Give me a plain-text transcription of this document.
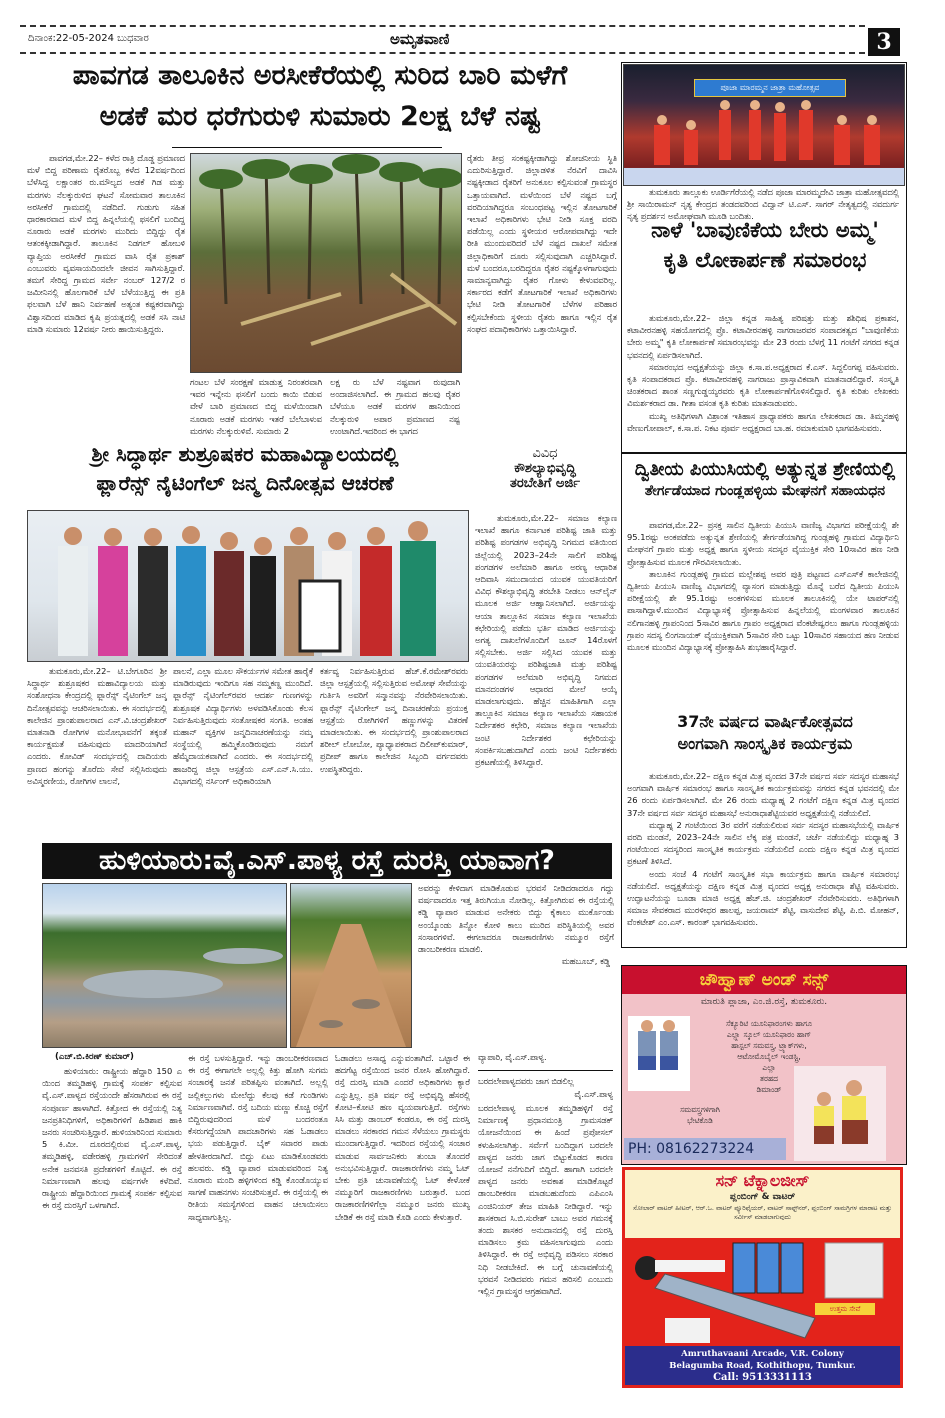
ದಿನಾಂಕ:22-05-2024 ಬುಧವಾರ	ಅಮೃತವಾಣಿ	3
ಪಾವಗಡ ತಾಲೂಕಿನ ಅರಸೀಕೆರೆಯಲ್ಲಿ ಸುರಿದ ಬಾರಿ ಮಳೆಗೆ
ಅಡಕೆ ಮರ ಧರೆಗುರುಳಿ ಸುಮಾರು 2ಲಕ್ಷ ಬೆಳೆ ನಷ್ಟ

ಪಾವಗಡ,ಮೇ.22– ಕಳೆದ ರಾತ್ರಿ ದೊಡ್ಡ ಪ್ರಮಾಣದ ಮಳೆ ಬಿದ್ದ ಪರಿಣಾಮ ರೈತರೊಬ್ಬ ಕಳೆದ 12ವರ್ಷದಿಂದ ಬೆಳೆಸಿದ್ದ ಲಕ್ಷಾಂತರ ರು.ಮೌಲ್ಯದ ಅಡಕೆ ಗಿಡ ಮತ್ತು ಮರಗಳು ನೆಲಕ್ಕುರುಳಿದ ಘಟನೆ ಸೋಮವಾರ ತಾಲೂಕಿನ ಅರಸೀಕೆರೆ ಗ್ರಾಮದಲ್ಲಿ ನಡೆದಿದೆ. ಗುಡುಗು ಸಹಿತ ಧಾರಕಾರವಾದ ಮಳೆ ಬಿದ್ದ ಹಿನ್ನಲೆಯಲ್ಲಿ ಫಸಲಿಗೆ ಬಂದಿದ್ದ ನೂರಾರು ಅಡಕೆ ಮರಗಳು ಮುರಿದು ಬಿದ್ದಿದ್ದು ರೈತ ಆತಂಕಕ್ಕೀಡಾಗಿದ್ದಾರೆ. ತಾಲೂಕಿನ ನಿಡಗಲ್ ಹೋಬಳಿ ವ್ಯಾಪ್ತಿಯ ಅರಸೀಕೆರೆ ಗ್ರಾಮದ ವಾಸಿ ರೈತ ಪ್ರಕಾಶ್ ಎಂಬುವರು ವ್ಯವಸಾಯದಿಂದಲೇ ಜೀವನ ಸಾಗಿಸುತ್ತಿದ್ದಾರೆ. ತಮಗೆ ಸೇರಿದ್ದ ಗ್ರಾಮದ ಸರ್ವೇ ನಂಬರ್ 127/2 ರ ಜಮೀನಿನಲ್ಲಿ ಹೊಲಗಾರಿಕೆ ಬೆಳೆ ಬೆಳೆಯುತ್ತಿದ್ದ ಈ ಪ್ರತಿ ಫಲವಾಗಿ ಬೆಳೆ ಹಾನಿ ನಿರ್ವಹಣೆ ಅತ್ಯಂತ ಕಷ್ಟಕರವಾಗಿದ್ದು ವಿಶ್ವಾಸದಿಂದ ಮಾಡಿದ ಕೃಷಿ ಪ್ರಯತ್ನದಲ್ಲಿ ಅಡಕೆ ಸಸಿ ನಾಟಿ ಮಾಡಿ ಸುಮಾರು 12ವರ್ಷ ನೀರು ಹಾಯಿಸುತ್ತಿದ್ದರು.

ಗಂಟಲ ಬೆಳೆ ಸಂರಕ್ಷಣೆ ಮಾಡುತ್ತ ನಿರಂತರವಾಗಿ ಇವರ ಇನ್ನೇನು ಫಸಲಿಗೆ ಬಂದು ಕಾಯಿ ಬಿಡುವ ವೇಳೆ ಬಾರಿ ಪ್ರಮಾಣದ ಬಿದ್ದ ಮಳೆಯಿಂದಾಗಿ ನೂರಾರು ಅಡಕೆ ಮರಗಳು ಇತರೆ ಬೆಲೆಬಾಳುವ ಮರಗಳು ನೆಲಕ್ಕುರುಳಿವೆ. ಸುಮಾರು 2

ಲಕ್ಷ ರು ಬೆಳೆ ನಷ್ಟವಾಗ ರುವುದಾಗಿ ಅಂದಾಜಿಸಲಾಗಿದೆ. ಈ ಗ್ರಾಮದ ಹಲವು ರೈತರ ಬೆಳೆಯೂ ಅಡಕೆ ಮರಗಳ ಹಾನಿಯಿಂದ ನೆಲಕ್ಕುರುಳಿ ಅಪಾರ ಪ್ರಮಾಣದ ನಷ್ಟ ಉಂಟಾಗಿದೆ.ಇದರಿಂದ ಈ ಭಾಗದ

ರೈತರು ತೀವ್ರ ಸಂಕಷ್ಟಕ್ಕೀಡಾಗಿದ್ದು ಶೋಚನೀಯ ಸ್ಥಿತಿ ಎದುರಿಸುತ್ತಿದ್ದಾರೆ. ಜಿಲ್ಲಾಡಳಿತ ನೆರವಿಗೆ ದಾವಿಸಿ ನಷ್ಟಕ್ಕೀಡಾದ ರೈತರಿಗೆ ಅನುಕೂಲ ಕಲ್ಪಿಸುವಂತೆ ಗ್ರಾಮಸ್ಥರ ಒತ್ತಾಯವಾಗಿದೆ. ಮಳೆಯಿಂದ ಬೆಳೆ ನಷ್ಟದ ಬಗ್ಗೆ ವರದಿಯಾಗಿದ್ದರೂ ಸಂಬಂಧಪಟ್ಟ ಇಲ್ಲಿನ ತೋಟಗಾರಿಕೆ ಇಲಾಖೆ ಅಧಿಕಾರಿಗಳು ಭೇಟಿ ನೀಡಿ ಸೂಕ್ತ ವರದಿ ಪಡೆಯಿಲ್ಲ ಎಂದು ಸ್ಥಳೀಯರ ಆರೋಪವಾಗಿದ್ದು ಇದೇ ರೀತಿ ಮುಂದುವರಿದರೆ ಬೆಳೆ ನಷ್ಟದ ದಾಖಲೆ ಸಮೇತ ಜಿಲ್ಲಾಧಿಕಾರಿಗೆ ದೂರು ಸಲ್ಲಿಸುವುದಾಗಿ ಎಚ್ಚರಿಸಿದ್ದಾರೆ. ಮಳೆ ಬಂದರೂ,ಬರದಿದ್ದರೂ ರೈತರ ನಷ್ಟಕ್ಕೊಳಗಾಗುವುದು ಸಾಮಾನ್ಯವಾಗಿದ್ದು ರೈತರ ಗೋಳು ಕೇಳುವವರಿಲ್ಲ. ಸರ್ಕಾರದ ಕಡೆಗೆ ತೋಟಗಾರಿಕೆ ಇಲಾಖೆ ಅಧಿಕಾರಿಗಳು ಭೇಟಿ ನೀಡಿ ತೋಟಗಾರಿಕೆ ಬೆಳೆಗಳ ಪರಿಹಾರ ಕಲ್ಪಿಸಬೇಕೆಂದು ಸ್ಥಳೀಯ ರೈತರು ಹಾಗೂ ಇಲ್ಲಿನ ರೈತ ಸಂಘದ ಪದಾಧಿಕಾರಿಗಳು ಒತ್ತಾಯಿಸಿದ್ದಾರೆ.

ಪೂಜಾ ಮಾರಮ್ಮನ ಜಾತ್ರಾ ಮಹೋತ್ಸವ
ತುಮಕೂರು ತಾಲ್ಲೂಕು ಊರ್ಡಿಗೆರೆಯಲ್ಲಿ ನಡೆದ ಪೂಜಾ ಮಾರಮ್ಮದೇವಿ ಜಾತ್ರಾ ಮಹೋತ್ಸವದಲ್ಲಿ ಶ್ರೀ ಸಾಯಿರಾಮನ್ ನೃತ್ಯ ಕೇಂದ್ರದ ತಂಡದವರಿಂದ ವಿದ್ವಾನ್ ಟಿ.ಎಸ್. ಸಾಗರ್ ನೇತೃತ್ವದಲ್ಲಿ ನವದುರ್ಗ ನೃತ್ಯ ಪ್ರದರ್ಶನ ಅಮೋಘವಾಗಿ ಮೂಡಿ ಬಂದಿತು.
ನಾಳೆ 'ಬಾವುಣಿಕೆಯ ಬೇರು ಅಮ್ಮ'
ಕೃತಿ ಲೋಕಾರ್ಪಣೆ ಸಮಾರಂಭ

ತುಮಕೂರು,ಮೇ.22– ಜಿಲ್ಲಾ ಕನ್ನಡ ಸಾಹಿತ್ಯ ಪರಿಷತ್ತು ಮತ್ತು ಶಶಿಧಿಷ ಪ್ರಕಾಶನ, ಕಟಾವೀರನಹಳ್ಳಿ ಸಹಯೋಗದಲ್ಲಿ ಪ್ರೊ. ಕಟಾವೀರನಹಳ್ಳಿ ನಾಗರಾಜರವರ ಸಂಪಾದಕತ್ವದ "ಬಾವುಣಿಕೆಯ ಬೇರು ಅಮ್ಮ" ಕೃತಿ ಲೋಕಾರ್ಪಣೆ ಸಮಾರಂಭವನ್ನು ಮೇ 23 ರಂದು ಬೆಳಗ್ಗೆ 11 ಗಂಟೆಗೆ ನಗರದ ಕನ್ನಡ ಭವನದಲ್ಲಿ ಏರ್ಪಡಿಸಲಾಗಿದೆ.

ಸಮಾರಂಭದ ಅಧ್ಯಕ್ಷತೆಯನ್ನು ಜಿಲ್ಲಾ ಕ.ಸಾ.ಪ.ಅಧ್ಯಕ್ಷರಾದ ಕೆ.ಎಸ್. ಸಿದ್ದಲಿಂಗಪ್ಪ ವಹಿಸುವರು. ಕೃತಿ ಸಂಪಾದಕರಾದ ಪ್ರೊ. ಕಟಾವೀರನಹಳ್ಳಿ ನಾಗರಾಜು ಪ್ರಾಸ್ತಾವಿಕವಾಗಿ ಮಾತನಾಡಲಿದ್ದಾರೆ. ಸಂಸ್ಕೃತಿ ಚಿಂತಕರಾದ ಶಾಂತ ಸಣ್ಣಗುಡ್ಡಯ್ಯರವರು ಕೃತಿ ಲೋಕಾರ್ಪಣೆಗೊಳಿಸಲಿದ್ದಾರೆ. ಕೃತಿ ಕುರಿತು ಲೇಖಕರು ವಿಮರ್ಶಕರಾದ ಡಾ. ಗೀತಾ ವಸಂತ ಕೃತಿ ಕುರಿತು ಮಾತನಾಡುವರು.

ಮುಖ್ಯ ಅತಿಥಿಗಳಾಗಿ ವಿಶ್ರಾಂತ ಇತಿಹಾಸ ಪ್ರಾಧ್ಯಾಪಕರು ಹಾಗೂ ಲೇಖಕರಾದ ಡಾ. ತಿಮ್ಮನಹಳ್ಳಿ ವೇಣುಗೋಪಾಲ್, ಕ.ಸಾ.ಪ. ನಿಕಟ ಪೂರ್ವ ಅಧ್ಯಕ್ಷರಾದ ಬಾ.ಹ. ರಮಾಕುಮಾರಿ ಭಾಗವಹಿಸುವರು.

ಶ್ರೀ ಸಿದ್ಧಾರ್ಥ ಶುಶ್ರೂಷಕರ ಮಹಾವಿದ್ಯಾಲಯದಲ್ಲಿ
ಫ್ಲಾರೆನ್ಸ್ ನೈಟಿಂಗೆಲ್ ಜನ್ಮ ದಿನೋತ್ಸವ ಆಚರಣೆ

ತುಮಕೂರು,ಮೇ.22– ಟಿ.ಬೇಗೂರಿನ ಶ್ರೀ ಸಿದ್ಧಾರ್ಥ ಶುಶ್ರೂಷಕರ ಮಹಾವಿದ್ಯಾಲಯ ಮತ್ತು ಸಂಶೋಧನಾ ಕೇಂದ್ರದಲ್ಲಿ ಫ್ಲಾರೆನ್ಸ್ ನೈಟಿಂಗೆಲ್ ಜನ್ಮ ದಿನೋತ್ಸವವನ್ನು ಆಚರಿಸಲಾಯಿತು. ಈ ಸಂದರ್ಭದಲ್ಲಿ ಕಾಲೇಜಿನ ಪ್ರಾಂಶುಪಾಲರಾದ ಎನ್.ವಿ.ಚಂದ್ರಶೇಖರ್ ಮಾತನಾಡಿ ರೋಗಿಗಳ ಮನೋಭಾವನೆಗೆ ತಕ್ಕಂತೆ ಕಾರ್ಯಕ್ಷಮತೆ ವಹಿಸುವುದು ಮಾದರಿಯಾಗಿದೆ ಎಂದರು. ಕೋವಿಡ್ ಸಂದರ್ಭದಲ್ಲಿ ದಾದಿಯರು ಪ್ರಾಣದ ಹಂಗನ್ನು ತೊರೆದು ಸೇವೆ ಸಲ್ಲಿಸಿರುವುದು ಅವಿಸ್ಮರಣೀಯ, ರೋಗಿಗಳ ಲಾಲನೆ,

ಪಾಲನೆ, ಎಲ್ಲಾ ಮೂಲ ಸೌಕರ್ಯಗಳ ಸಮೇತ ಹಾರೈಕೆ ಮಾಡಿರುವುದು ಇಂದಿಗೂ ಸಹ ನಮ್ಮಕಣ್ಣ ಮುಂದಿದೆ. ಫ್ಲಾರೆನ್ಸ್ ನೈಟಿಂಗೆಲ್‌ರವರ ಆದರ್ಶ ಗುಣಗಳನ್ನು ಶುಶ್ರೂಷಕ ವಿದ್ಯಾರ್ಥಿಗಳು ಅಳವಡಿಸಿಕೊಂಡು ಕೆಲಸ ನಿರ್ವಹಿಸುತ್ತಿರುವುದು ಸಂತೋಷಕರ ಸಂಗತಿ. ಅಂತಹ ಮಹಾನ್ ವ್ಯಕ್ತಿಗಳ ಜನ್ಮದಿನಾಚರಣೆಯನ್ನು ನಮ್ಮ ಸಂಸ್ಥೆಯಲ್ಲಿ ಹಮ್ಮಿಕೊಂಡಿರುವುದು ನಮಗೆ ಹೆಮ್ಮೆದಾಯಕವಾಗಿದೆ ಎಂದರು. ಈ ಸಂದರ್ಭದಲ್ಲಿ ಹಾಜರಿದ್ದ ಜಿಲ್ಲಾ ಆಸ್ಪತ್ರೆಯ ಎಸ್.ಎನ್.ಸಿ.ಯು. ವಿಭಾಗದಲ್ಲಿ ನರ್ಸಿಂಗ್ ಅಧಿಕಾರಿಯಾಗಿ

ಕರ್ತವ್ಯ ನಿರ್ವಹಿಸುತ್ತಿರುವ ಹೆಚ್.ಕೆ.ರಮೇಶ್‌ರವರು ಜಿಲ್ಲಾ ಆಸ್ಪತ್ರೆಯಲ್ಲಿ ಸಲ್ಲಿಸುತ್ತಿರುವ ಅಮೋಘ ಸೇವೆಯನ್ನು ಗುರ್ತಿಸಿ ಅವರಿಗೆ ಸನ್ಮಾನವನ್ನು ನೆರವೇರಿಸಲಾಯಿತು. ಫ್ಲಾರೆನ್ಸ್ ನೈಟಿಂಗೇಲ್ ಜನ್ಮ ದಿನಾಚರಣೆಯ ಪ್ರಯುಕ್ತ ಆಸ್ಪತ್ರೆಯ ರೋಗಿಗಳಿಗೆ ಹಣ್ಣುಗಳನ್ನು ವಿತರಣೆ ಮಾಡಲಾಯಿತು. ಈ ಸಂದರ್ಭದಲ್ಲಿ ಪ್ರಾಂಶುಪಾಲರಾದ ಶರೀಲ್ ಲೋಬೋ, ಪ್ಯಾಧ್ಯಾಪಕರಾದ ದಿಲೀಪ್‌ಕುಮಾರ್, ಪ್ರದೀಪ್ ಹಾಗೂ ಕಾಲೇಜಿನ ಸಿಬ್ಬಂದಿ ವರ್ಗದವರು ಉಪಸ್ಥಿತರಿದ್ದರು.

ವಿವಿಧ
ಕೌಶಲ್ಯಾಭಿವೃದ್ಧಿ
ತರಬೇತಿಗೆ ಅರ್ಜಿ

ತುಮಕೂರು,ಮೇ.22– ಸಮಾಜ ಕಲ್ಯಾಣ ಇಲಾಖೆ ಹಾಗೂ ಕರ್ನಾಟಕ ಪರಿಶಿಷ್ಟ ಜಾತಿ ಮತ್ತು ಪರಿಶಿಷ್ಟ ಪಂಗಡಗಳ ಅಭಿವೃದ್ಧಿ ನಿಗಮದ ವತಿಯಿಂದ ಜಿಲ್ಲೆಯಲ್ಲಿ 2023–24ನೇ ಸಾಲಿಗೆ ಪರಿಶಿಷ್ಟ ಪಂಗಡಗಳ ಅಲೆಮಾರಿ ಹಾಗೂ ಅರಣ್ಯ ಆಧಾರಿತ ಆದಿವಾಸಿ ಸಮುದಾಯದ ಯುವಕ ಯುವತಿಯರಿಗೆ ವಿವಿಧ ಕೌಶಲ್ಯಾಭಿವೃದ್ಧಿ ತರಬೇತಿ ನೀಡಲು ಆನ್‌ಲೈನ್ ಮೂಲಕ ಅರ್ಜಿ ಆಹ್ವಾನಿಸಲಾಗಿದೆ. ಅರ್ಜಿಯನ್ನು ಆಯಾ ತಾಲ್ಲೂಕಿನ ಸಮಾಜ ಕಲ್ಯಾಣ ಇಲಾಖೆಯ ಕಛೇರಿಯಲ್ಲಿ ಪಡೆದು ಭರ್ತಿ ಮಾಡಿದ ಅರ್ಜಿಯನ್ನು ಅಗತ್ಯ ದಾಖಲೆಗಳೊಂದಿಗೆ ಜೂನ್ 14ರೊಳಗೆ ಸಲ್ಲಿಸಬೇಕು. ಅರ್ಜಿ ಸಲ್ಲಿಸಿದ ಯುವಕ ಮತ್ತು ಯುವತಿಯರನ್ನು ಪರಿಶಿಷ್ಟಜಾತಿ ಮತ್ತು ಪರಿಶಿಷ್ಟ ಪಂಗಡಗಳ ಅಲೆಮಾರಿ ಅಭಿವೃದ್ಧಿ ನಿಗಮದ ಮಾನದಂಡಗಳ ಆಧಾರದ ಮೇಲೆ ಆಯ್ಕೆ ಮಾಡಲಾಗುವುದು. ಹೆಚ್ಚಿನ ಮಾಹಿತಿಗಾಗಿ ಎಲ್ಲಾ ತಾಲ್ಲೂಕಿನ ಸಮಾಜ ಕಲ್ಯಾಣ ಇಲಾಖೆಯ ಸಹಾಯಕ ನಿರ್ದೇಶಕರ ಕಛೇರಿ, ಸಮಾಜ ಕಲ್ಯಾಣ ಇಲಾಖೆಯ ಜಂಟಿ ನಿರ್ದೇಶಕರ ಕಛೇರಿಯನ್ನು ಸಂಪರ್ಕಿಸಬಹುದಾಗಿದೆ ಎಂದು ಜಂಟಿ ನಿರ್ದೇಶಕರು ಪ್ರಕಟಣೆಯಲ್ಲಿ ತಿಳಿಸಿದ್ದಾರೆ.

ದ್ವಿತೀಯ ಪಿಯುಸಿಯಲ್ಲಿ ಅತ್ಯುನ್ನತ ಶ್ರೇಣಿಯಲ್ಲಿ
ತೇರ್ಗಡೆಯಾದ ಗುಂಡ್ಲಹಳ್ಳಿಯ ಮೇಘನಗೆ ಸಹಾಯಧನ

ಪಾವಗಡ,ಮೇ.22– ಪ್ರಸಕ್ತ ಸಾಲಿನ ದ್ವಿತೀಯ ಪಿಯುಸಿ ವಾಣಿಜ್ಯ ವಿಭಾಗದ ಪರೀಕ್ಷೆಯಲ್ಲಿ ಶೇ 95.1ರಷ್ಟು ಅಂಕಪಡೆದು ಅತ್ಯುನ್ನತ ಶ್ರೇಣಿಯಲ್ಲಿ ತೇರ್ಗಡೆಯಾಗಿದ್ದ ಗುಂಡ್ಲಹಳ್ಳಿ ಗ್ರಾಮದ ವಿದ್ಯಾರ್ಥಿನಿ ಮೇಘನಗೆ ಗ್ರಾಪಂ ಮತ್ತು ಅಧ್ಯಕ್ಷ ಹಾಗೂ ಸ್ಥಳೀಯ ಸದಸ್ಯರ ವೈಯುಕ್ತಿಕ ಸೇರಿ 10ಸಾವಿರ ಹಣ ನೀಡಿ ಪ್ರೋತ್ಸಾಹಿಸುವ ಮೂಲಕ ಗೌರವಿಸಲಾಯಿತು.

ತಾಲೂಕಿನ ಗುಂಡ್ಲಹಳ್ಳಿ ಗ್ರಾಮದ ಮಲ್ಲೇಶಪ್ಪ ಅವರ ಪುತ್ರಿ ಪಟ್ಟಣದ ಎಸ್‌ಎಸ್‌ಕೆ ಕಾಲೇಜಿನಲ್ಲಿ ದ್ವಿತೀಯ ಪಿಯುಸಿ ವಾಣಿಜ್ಯ ವಿಭಾಗದಲ್ಲಿ ವ್ಯಾಸಂಗ ಮಾಡುತ್ತಿದ್ದು ಮೊನ್ನೆ ಬರೆದ ದ್ವಿತೀಯ ಪಿಯುಸಿ ಪರೀಕ್ಷೆಯಲ್ಲಿ ಶೇ 95.1ರಷ್ಟು ಅಂಕಗಳಿಸುವ ಮೂಲಕ ತಾಲೂಕಿನಲ್ಲಿ ಯೇ ಟಾಪರ್‌ನಲ್ಲಿ ಪಾಸಾಗಿದ್ದಾಳೆ.ಮುಂದಿನ ವಿದ್ಯಾಭ್ಯಾಸಕ್ಕೆ ಪ್ರೋತ್ಸಾಹಿಸುವ ಹಿನ್ನಲೆಯಲ್ಲಿ ಮಂಗಳವಾರ ತಾಲೂಕಿನ ನಲಿಗಾನಹಳ್ಳಿ ಗ್ರಾಪಂನಿಂದ 5ಸಾವಿರ ಹಾಗೂ ಗ್ರಾಪಂ ಅಧ್ಯಕ್ಷರಾದ ವೆಂಕಟೇಷ್ವರಲು ಹಾಗೂ ಗುಂಡ್ಲಹಳ್ಳಿಯ ಗ್ರಾಪಂ ಸದಸ್ಯ ಲಿಂಗನಾಯಕ್ ವೈಯುಕ್ತಿಕವಾಗಿ 5ಸಾವಿರ ಸೇರಿ ಒಟ್ಟು 10ಸಾವಿರ ಸಹಾಯದ ಹಣ ನೀಡುವ ಮೂಲಕ ಮುಂದಿನ ವಿದ್ಯಾಭ್ಯಾಸಕ್ಕೆ ಪ್ರೋತ್ಸಾಹಿಸಿ ಶುಭಹಾರೈಸಿದ್ದಾರೆ.

37ನೇ ವರ್ಷದ ವಾರ್ಷಿಕೋತ್ಸವದ
ಅಂಗವಾಗಿ ಸಾಂಸ್ಕೃತಿಕ ಕಾರ್ಯಕ್ರಮ

ತುಮಕೂರು,ಮೇ.22– ದಕ್ಷಿಣ ಕನ್ನಡ ಮಿತ್ರ ವೃಂದದ 37ನೇ ವರ್ಷದ ಸರ್ವ ಸದಸ್ಯರ ಮಹಾಸಭೆ ಅಂಗವಾಗಿ ವಾರ್ಷಿಕ ಸಮಾರಂಭ ಹಾಗೂ ಸಾಂಸ್ಕೃತಿಕ ಕಾರ್ಯಕ್ರಮವನ್ನು ನಗರದ ಕನ್ನಡ ಭವನದಲ್ಲಿ ಮೇ 26 ರಂದು ಏರ್ಪಡಿಸಲಾಗಿದೆ. ಮೇ 26 ರಂದು ಮಧ್ಯಾಹ್ನ 2 ಗಂಟೆಗೆ ದಕ್ಷಿಣ ಕನ್ನಡ ಮಿತ್ರ ವೃಂದದ 37ನೇ ವರ್ಷದ ಸರ್ವ ಸದಸ್ಯರ ಮಹಾಸಭೆ ಅನುರಾಧಾಶೆಟ್ಟಿಯವರ ಅಧ್ಯಕ್ಷತೆಯಲ್ಲಿ ನಡೆಯಲಿದೆ.

ಮಧ್ಯಾಹ್ನ 2 ಗಂಟೆಯಿಂದ 3ರ ವರೆಗೆ ನಡೆಯಲಿರುವ ಸರ್ವ ಸದಸ್ಯರ ಮಹಾಸಭೆಯಲ್ಲಿ ವಾರ್ಷಿಕ ವರದಿ ಮಂಡನೆ, 2023–24ನೇ ಸಾಲಿನ ಲೆಕ್ಕ ಪತ್ರ ಮಂಡನೆ, ಚರ್ಚೆ ನಡೆಯಲಿದ್ದು ಮಧ್ಯಾಹ್ನ 3 ಗಂಟೆಯಿಂದ ಸದಸ್ಯರಿಂದ ಸಾಂಸ್ಕೃತಿಕ ಕಾರ್ಯಕ್ರಮ ನಡೆಯಲಿದೆ ಎಂದು ದಕ್ಷಿಣ ಕನ್ನಡ ಮಿತ್ರ ವೃಂದದ ಪ್ರಕಟಣೆ ತಿಳಿಸಿದೆ.

ಅಂದು ಸಂಜೆ 4 ಗಂಟೆಗೆ ಸಾಂಸ್ಕೃತಿಕ ಸಭಾ ಕಾರ್ಯಕ್ರಮ ಹಾಗೂ ವಾರ್ಷಿಕ ಸಮಾರಂಭ ನಡೆಯಲಿದೆ. ಅಧ್ಯಕ್ಷತೆಯನ್ನು ದಕ್ಷಿಣ ಕನ್ನಡ ಮಿತ್ರ ವೃಂದದ ಅಧ್ಯಕ್ಷ ಅನುರಾಧಾ ಶೆಟ್ಟಿ ವಹಿಸುವರು. ಉದ್ಘಾಟನೆಯನ್ನು ಬೂಡಾ ಮಾಜಿ ಅಧ್ಯಕ್ಷ ಹೆಚ್.ಜಿ. ಚಂದ್ರಶೇಖರ್ ನೆರವೇರಿಸುವರು. ಅತಿಥಿಗಳಾಗಿ ಸಮಾಜ ಸೇವಕರಾದ ಮುರಳೀಧರ ಹಾಲಪ್ಪ, ಜಯರಾಮ್ ಶೆಟ್ಟಿ, ವಾಸುದೇವ ಶೆಟ್ಟಿ, ಪಿ.ಬಿ. ಮೋಹನ್, ವೆಂಕಟೇಶ್ ಎಂ.ಎಸ್. ಕಾರಂತ್ ಭಾಗವಹಿಸುವರು.

ಹುಳಿಯಾರು:ವೈ.ಎಸ್.ಪಾಳ್ಯ ರಸ್ತೆ ದುರಸ್ತಿ ಯಾವಾಗ?

ಅವರನ್ನು ಕೇಳಿದಾಗ ಮಾಡಿಕೊಡುವ ಭರವಸೆ ನೀಡಿದರಾದರೂ ಗದ್ದು ವರ್ಷವಾದರೂ ಇತ್ತ ತಿರುಗಿಯೂ ನೋಡಿಲ್ಲ. ಕಿತ್ತೋಗಿರುವ ಈ ರಸ್ತೆಯಲ್ಲಿ ಕಡ್ಡಿ ವ್ಯಾಪಾರ ಮಾಡುವ ಅನೇಕರು ಬಿದ್ದು ಕೈಕಾಲು ಮುರ್ಕೊಂಡು ಅಂಯ್ಕೊಂಡು ತಿನ್ನೋ ಕೋಳಿ ಕಾಲು ಮುರಿದ ಪರಿಸ್ಥಿತಿಯಲ್ಲಿ ಅವರ ಸಂಸಾರಗಳಿವೆ. ಈಗಲಾದರೂ ರಾಜಕಾರಣಿಗಳು ನಮ್ಮೂರ ರಸ್ತೆಗೆ ಡಾಂಬರೀಕರಣ ಮಾಡಲಿ.

ಮಹಬೂಬ್, ಕಡ್ಡಿ
(ಎಚ್.ಬಿ.ಕಿರಣ್ ಕುಮಾರ್)

ಹುಳಿಯಾರು: ರಾಷ್ಟ್ರೀಯ ಹೆದ್ದಾರಿ 150 ಎ ಯಿಂದ ತಮ್ಮಡಿಹಳ್ಳಿ ಗ್ರಾಮಕ್ಕೆ ಸಂಪರ್ಕ ಕಲ್ಪಿಸುವ ವೈ.ಎಸ್.ಪಾಳ್ಯದ ರಸ್ತೆಯಂದೇ ಹೆಸರಾಗಿರುವ ಈ ರಸ್ತೆ ಸಂಪೂರ್ಣ ಹಾಳಾಗಿದೆ. ಕಿತ್ತೋದ ಈ ರಸ್ತೆಯಲ್ಲಿ ನಿತ್ಯ ಜನಪ್ರತಿನಿಧಿಗಳಿಗೆ, ಅಧಿಕಾರಿಗಳಿಗೆ ಹಿಡಿಶಾಪ ಹಾಕಿ ಜನರು ಸಂಚರಿಸುತ್ತಿದ್ದಾರೆ. ಹುಳಿಯಾರಿನಿಂದ ಸುಮಾರು 5 ಕಿ.ಮೀ. ದೂರದಲ್ಲಿರುವ ವೈ.ಎಸ್.ಪಾಳ್ಯ, ತಮ್ಮಡಿಹಳ್ಳಿ, ವಡೇರಹಳ್ಳಿ ಗ್ರಾಮಗಳಿಗೆ ಸೇರಿದಂತೆ ಅನೇಕ ಜನವಸತಿ ಪ್ರದೇಶಗಳಿಗೆ ಕೊಟ್ಟಿದೆ. ಈ ರಸ್ತೆ ನಿರ್ಮಾಣವಾಗಿ ಹಲವು ವರ್ಷಗಳೇ ಕಳೆದಿವೆ. ರಾಷ್ಟ್ರೀಯ ಹೆದ್ದಾರಿಯಿಂದ ಗ್ರಾಮಕ್ಕೆ ಸಂಪರ್ಕ ಕಲ್ಪಿಸುವ ಈ ರಸ್ತೆ ದುರಸ್ತಿಗೆ ಒಳಗಾಗಿದೆ.

ಈ ರಸ್ತೆ ಬಳಸುತ್ತಿದ್ದಾರೆ. ಇನ್ನು ಡಾಂಬರೀಕರಣವಾದ ಈ ರಸ್ತೆ ಈಗಾಗಲೇ ಅಲ್ಲಲ್ಲಿ ಕಿತ್ತು ಹೋಗಿ ಸುಗಮ ಸಂಚಾರಕ್ಕೆ ಜನತೆ ಪರಿತಪ್ಪಿಸು ವಂತಾಗಿದೆ. ಅಲ್ಲಲ್ಲಿ ಜಲ್ಲಿಕಲ್ಲುಗಳು ಮೇಲೆದ್ದು ಕೆಲವು ಕಡೆ ಗುಂಡಿಗಳು ನಿರ್ಮಾಣವಾಗಿವೆ. ರಸ್ತೆ ಬದಿಯ ಮಣ್ಣು ಕೊಚ್ಚಿ ರಸ್ತೆಗೆ ಬಿದ್ದಿರುವುದರಿಂದ ಮಳೆ ಬಂದರಂತೂ ಕೆಸರುಗದ್ದೆಯಾಗಿ ಪಾದಚಾರಿಗಳು ಸಹ ಓಡಾಡಲು ಭಯ ಪಡುತ್ತಿದ್ದಾರೆ. ಬೈಕ್ ಸವಾರರ ಪಾಡು ಹೇಳತೀರದಾಗಿದೆ. ಬಿದ್ದು ಏಟು ಮಾಡಿಕೊಂಡವರು ಹಲವರು. ಕಡ್ಡಿ ವ್ಯಾಪಾರ ಮಾಡುವವರಿಂದ ನಿತ್ಯ ನೂರಾರು ಮಂದಿ ಹಳ್ಳಿಗಳಿಂದ ಕಡ್ಡಿ ಕೊಂಡೊಯ್ಯುವ ಸಾಗಣೆ ವಾಹನಗಳು ಸಂಚರಿಸುತ್ತವೆ. ಈ ರಸ್ತೆಯಲ್ಲಿ ಈ ರೀತಿಯ ಸಮಸ್ಯೆಗಳಿಂದ ವಾಹನ ಚಲಾಯಿಸಲು ಸಾಧ್ಯವಾಗುತ್ತಿಲ್ಲ.

ಓಡಾಡಲು ಅಸಾಧ್ಯ ಎನ್ನುವಂತಾಗಿದೆ. ಒಟ್ಟಾರೆ ಈ ಹದಗೆಟ್ಟ ರಸ್ತೆಯಿಂದ ಜನರ ರೋಸಿ ಹೋಗಿದ್ದಾರೆ. ರಸ್ತೆ ದುರಸ್ತಿ ಮಾಡಿ ಎಂದರೆ ಅಧಿಕಾರಿಗಳು ಕ್ಯಾರೆ ಎನ್ನುತ್ತಿಲ್ಲ. ಪ್ರತಿ ವರ್ಷ ರಸ್ತೆ ಅಭಿವೃದ್ಧಿ ಹೆಸರಲ್ಲಿ ಕೋಟಿ–ಕೋಟಿ ಹಣ ವ್ಯಯವಾಗುತ್ತಿದೆ. ರಸ್ತೆಗಳು ಸಿಸಿ ಮತ್ತು ಡಾಂಬರ್ ಕಂಡರೂ, ಈ ರಸ್ತೆ ದುರಸ್ತಿ ಮಾಡಲು ಸರಕಾರದ ಗಮನ ಸೆಳೆಯಲು ಗ್ರಾಮಸ್ಥರು ಮುಂದಾಗುತ್ತಿದ್ದಾರೆ. ಇದರಿಂದ ರಸ್ತೆಯಲ್ಲಿ ಸಂಚಾರ ಮಾಡುವ ಸಾರ್ವಜನಿಕರು ತುಂಬಾ ತೊಂದರೆ ಅನುಭವಿಸುತ್ತಿದ್ದಾರೆ. ರಾಜಕಾರಣಿಗಳು ನಮ್ಮ ಓಟ್ ಬೇಕು ಪ್ರತಿ ಚುನಾವಣೆಯಲ್ಲಿ ಓಟ್ ಕೇಳೋಕೆ ನಮ್ಮೂರಿಗೆ ರಾಜಕಾರಣಿಗಳು ಬರುತ್ತಾರೆ. ಬಂದ ರಾಜಕಾರಣಿಗಳಿಗೆಲ್ಲಾ ನಮ್ಮೂರ ಜನರು ಮುಖ್ಯ ಬೇಡಿಕೆ ಈ ರಸ್ತೆ ಮಾಡಿ ಕೊಡಿ ಎಂದು ಕೇಳುತ್ತಾರೆ.

ವ್ಯಾಪಾರಿ, ವೈ.ಎಸ್.ಪಾಳ್ಯ.
ಬರದಲೇಪಾಳ್ಯದವರು ಜಾಗ ಬಿಡಲಿಲ್ಲ
ವೈ.ಎಸ್.ಪಾಳ್ಯ

ಬರದಲೇಪಾಳ್ಯ ಮೂಲಕ ತಮ್ಮಡಿಹಳ್ಳಿಗೆ ರಸ್ತೆ ನಿರ್ಮಾಣಕ್ಕೆ ಪ್ರಧಾನಮಂತ್ರಿ ಗ್ರಾಮಸಡಕ್ ಯೋಜನೆಯಿಂದ ಈ ಹಿಂದೆ ಪ್ರಪೋಸಲ್ ಕಳುಹಿಸಲಾಗಿತ್ತು. ಸರ್ವೆಗೆ ಬಂದಿದ್ದಾಗ ಬರದಲೇ ಪಾಳ್ಯದ ಜನರು ಜಾಗ ಬಿಟ್ಟುಕೊಡದ ಕಾರಣ ಯೋಜನೆ ನನೆಗುದಿಗೆ ಬಿದ್ದಿದೆ. ಹಾಗಾಗಿ ಬರದಲೇ ಪಾಳ್ಯದ ಜನರು ಅವಕಾಶ ಮಾಡಿಕೊಟ್ಟರೆ ಡಾಂಬರೀಕರಣ ಮಾಡಬಹುದೆಂದು ಎಪಿಎಂಸಿ ಎಂಜಿನಿಯರ್ ತೇಜ ಮಾಹಿತಿ ನೀಡಿದ್ದಾರೆ. ಇನ್ನು ಶಾಸಕರಾದ ಸಿ.ಬಿ.ಸುರೇಶ್ ಬಾಬು ಅವರ ಗಮನಕ್ಕೆ ತಂದು ಶಾಸಕರ ಅನುದಾನದಲ್ಲಿ ರಸ್ತೆ ದುರಸ್ತಿ ಮಾಡಿಸಲು ಕ್ರಮ ವಹಿಸಲಾಗುವುದು ಎಂದು ತಿಳಿಸಿದ್ದಾರೆ. ಈ ರಸ್ತೆ ಅಭಿವೃದ್ಧಿ ಪಡಿಸಲು ಸರಕಾರ ನಿಧಿ ನೀಡಬೇಕಿದೆ. ಈ ಬಗ್ಗೆ ಚುನಾವಣೆಯಲ್ಲಿ ಭರವಸೆ ನೀಡಿದವರು ಗಮನ ಹರಿಸಲಿ ಎಂಬುದು ಇಲ್ಲಿನ ಗ್ರಾಮಸ್ಥರ ಆಗ್ರಹವಾಗಿದೆ.

ಚೌಹ್ವಾಣ್ ಅಂಡ್ ಸನ್ಸ್
ಮಾರುತಿ ಪ್ಲಾಜಾ, ಎಂ.ಜಿ.ರಸ್ತೆ, ತುಮಕೂರು.
ಸೆಕ್ಯೂರಿಟಿ ಯೂನಿಫಾರಂಗಳು ಹಾಗೂ
ಎಲ್ಲ್ಲಾ ಸ್ಕೂಲ್ ಯೂನಿಫಾರಂ ಹಾಗ್
ಹಾಸ್ಟಲ್ ಸಮವಸ್ತ್ರ, ಟ್ರ್ಯಾಕ್‌ಗಳು,
ಆಟೋಮೊಬೈಲ್ ಇಂಡಸ್ಟ್ರಿ,
ಎಲ್ಲಾ
ತರಹದ
ಡಿಮಾಂಡ್
ಸಮವಸ್ತ್ರಗಳಿಗಾಗಿ
ಭೇಟಿಕೊಡಿ
PH: 08162273224
ಸನ್ ಟೆಕ್ನಾಲಜೀಸ್
ಪ್ಲಂಬಿಂಗ್ & ವಾಟರ್
ಸೋಲಾರ್ ವಾಟರ್ ಹೀಟರ್, ಆರ್.ಒ. ವಾಟರ್ ಪ್ಯೂರಿಫೈಯರ್, ವಾಟರ್ ಸಾಫ್ಟ್‌ನರ್, ಪ್ಲಂಬಿಂಗ್ ಸಾಮಗ್ರಿಗಳ ಮಾರಾಟ ಮತ್ತು ಸರ್ವೀಸ್ ಮಾಡಲಾಗುವುದು
ಉತ್ತಮ ಸೇವೆ
Amruthavaani Arcade, V.R. Colony
Belagumba Road, Kothithopu, Tumkur.
Call: 9513331113
